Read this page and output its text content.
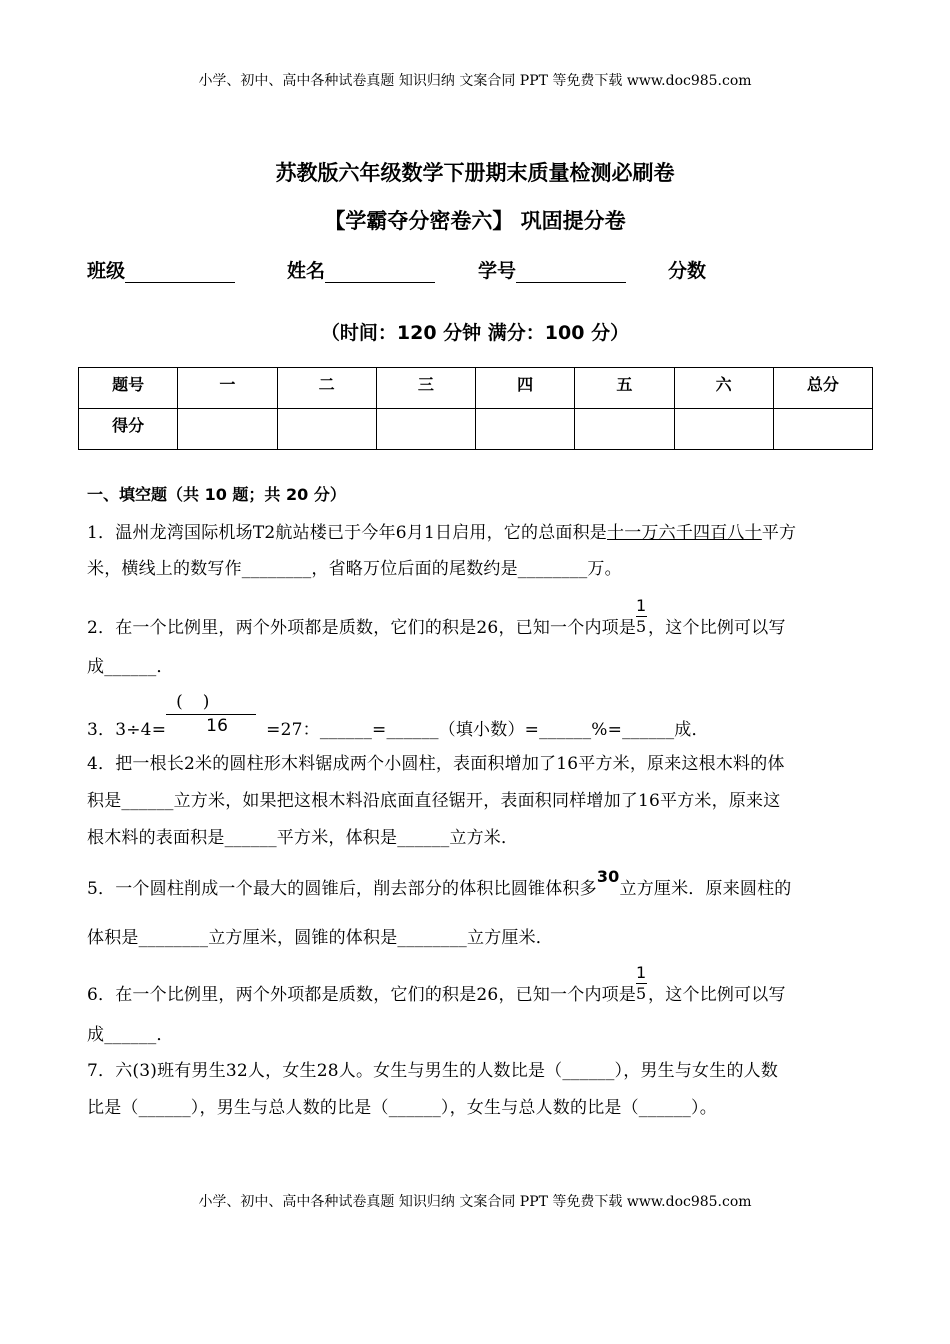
小学、初中、高中各种试卷真题 知识归纳 文案合同 PPT 等免费下载 www.doc985.com
苏教版六年级数学下册期末质量检测必刷卷
【学霸夺分密卷六】 巩固提分卷
班级	姓名	学号	分数
（时间：120 分钟 满分：100 分）
题号	一	二	三	四	五	六	总分
得分							
一、填空题（共 10 题；共 20 分）
1．温州龙湾国际机场T2航站楼已于今年6月1日启用，它的总面积是十一万六千四百八十平方
米，横线上的数写作________，省略万位后面的尾数约是________万。
2．在一个比例里，两个外项都是质数，它们的积是26，已知一个内项是 $\frac{1}{5}$ ，这个比例可以写
成______．
3．3÷4=
()
16 =27：______=______（填小数）=______%=______成．
4．把一根长2米的圆柱形木料锯成两个小圆柱，表面积增加了16平方米，原来这根木料的体
积是______立方米，如果把这根木料沿底面直径锯开，表面积同样增加了16平方米，原来这
根木料的表面积是______平方米，体积是______立方米．
5．一个圆柱削成一个最大的圆锥后，削去部分的体积比圆锥体积多30立方厘米．原来圆柱的
体积是________立方厘米，圆锥的体积是________立方厘米．
6．在一个比例里，两个外项都是质数，它们的积是26，已知一个内项是 $\frac{1}{5}$ ，这个比例可以写
成______．
7．六(3)班有男生32人，女生28人。女生与男生的人数比是（______），男生与女生的人数
比是（______），男生与总人数的比是（______），女生与总人数的比是（______）。
小学、初中、高中各种试卷真题 知识归纳 文案合同 PPT 等免费下载 www.doc985.com
